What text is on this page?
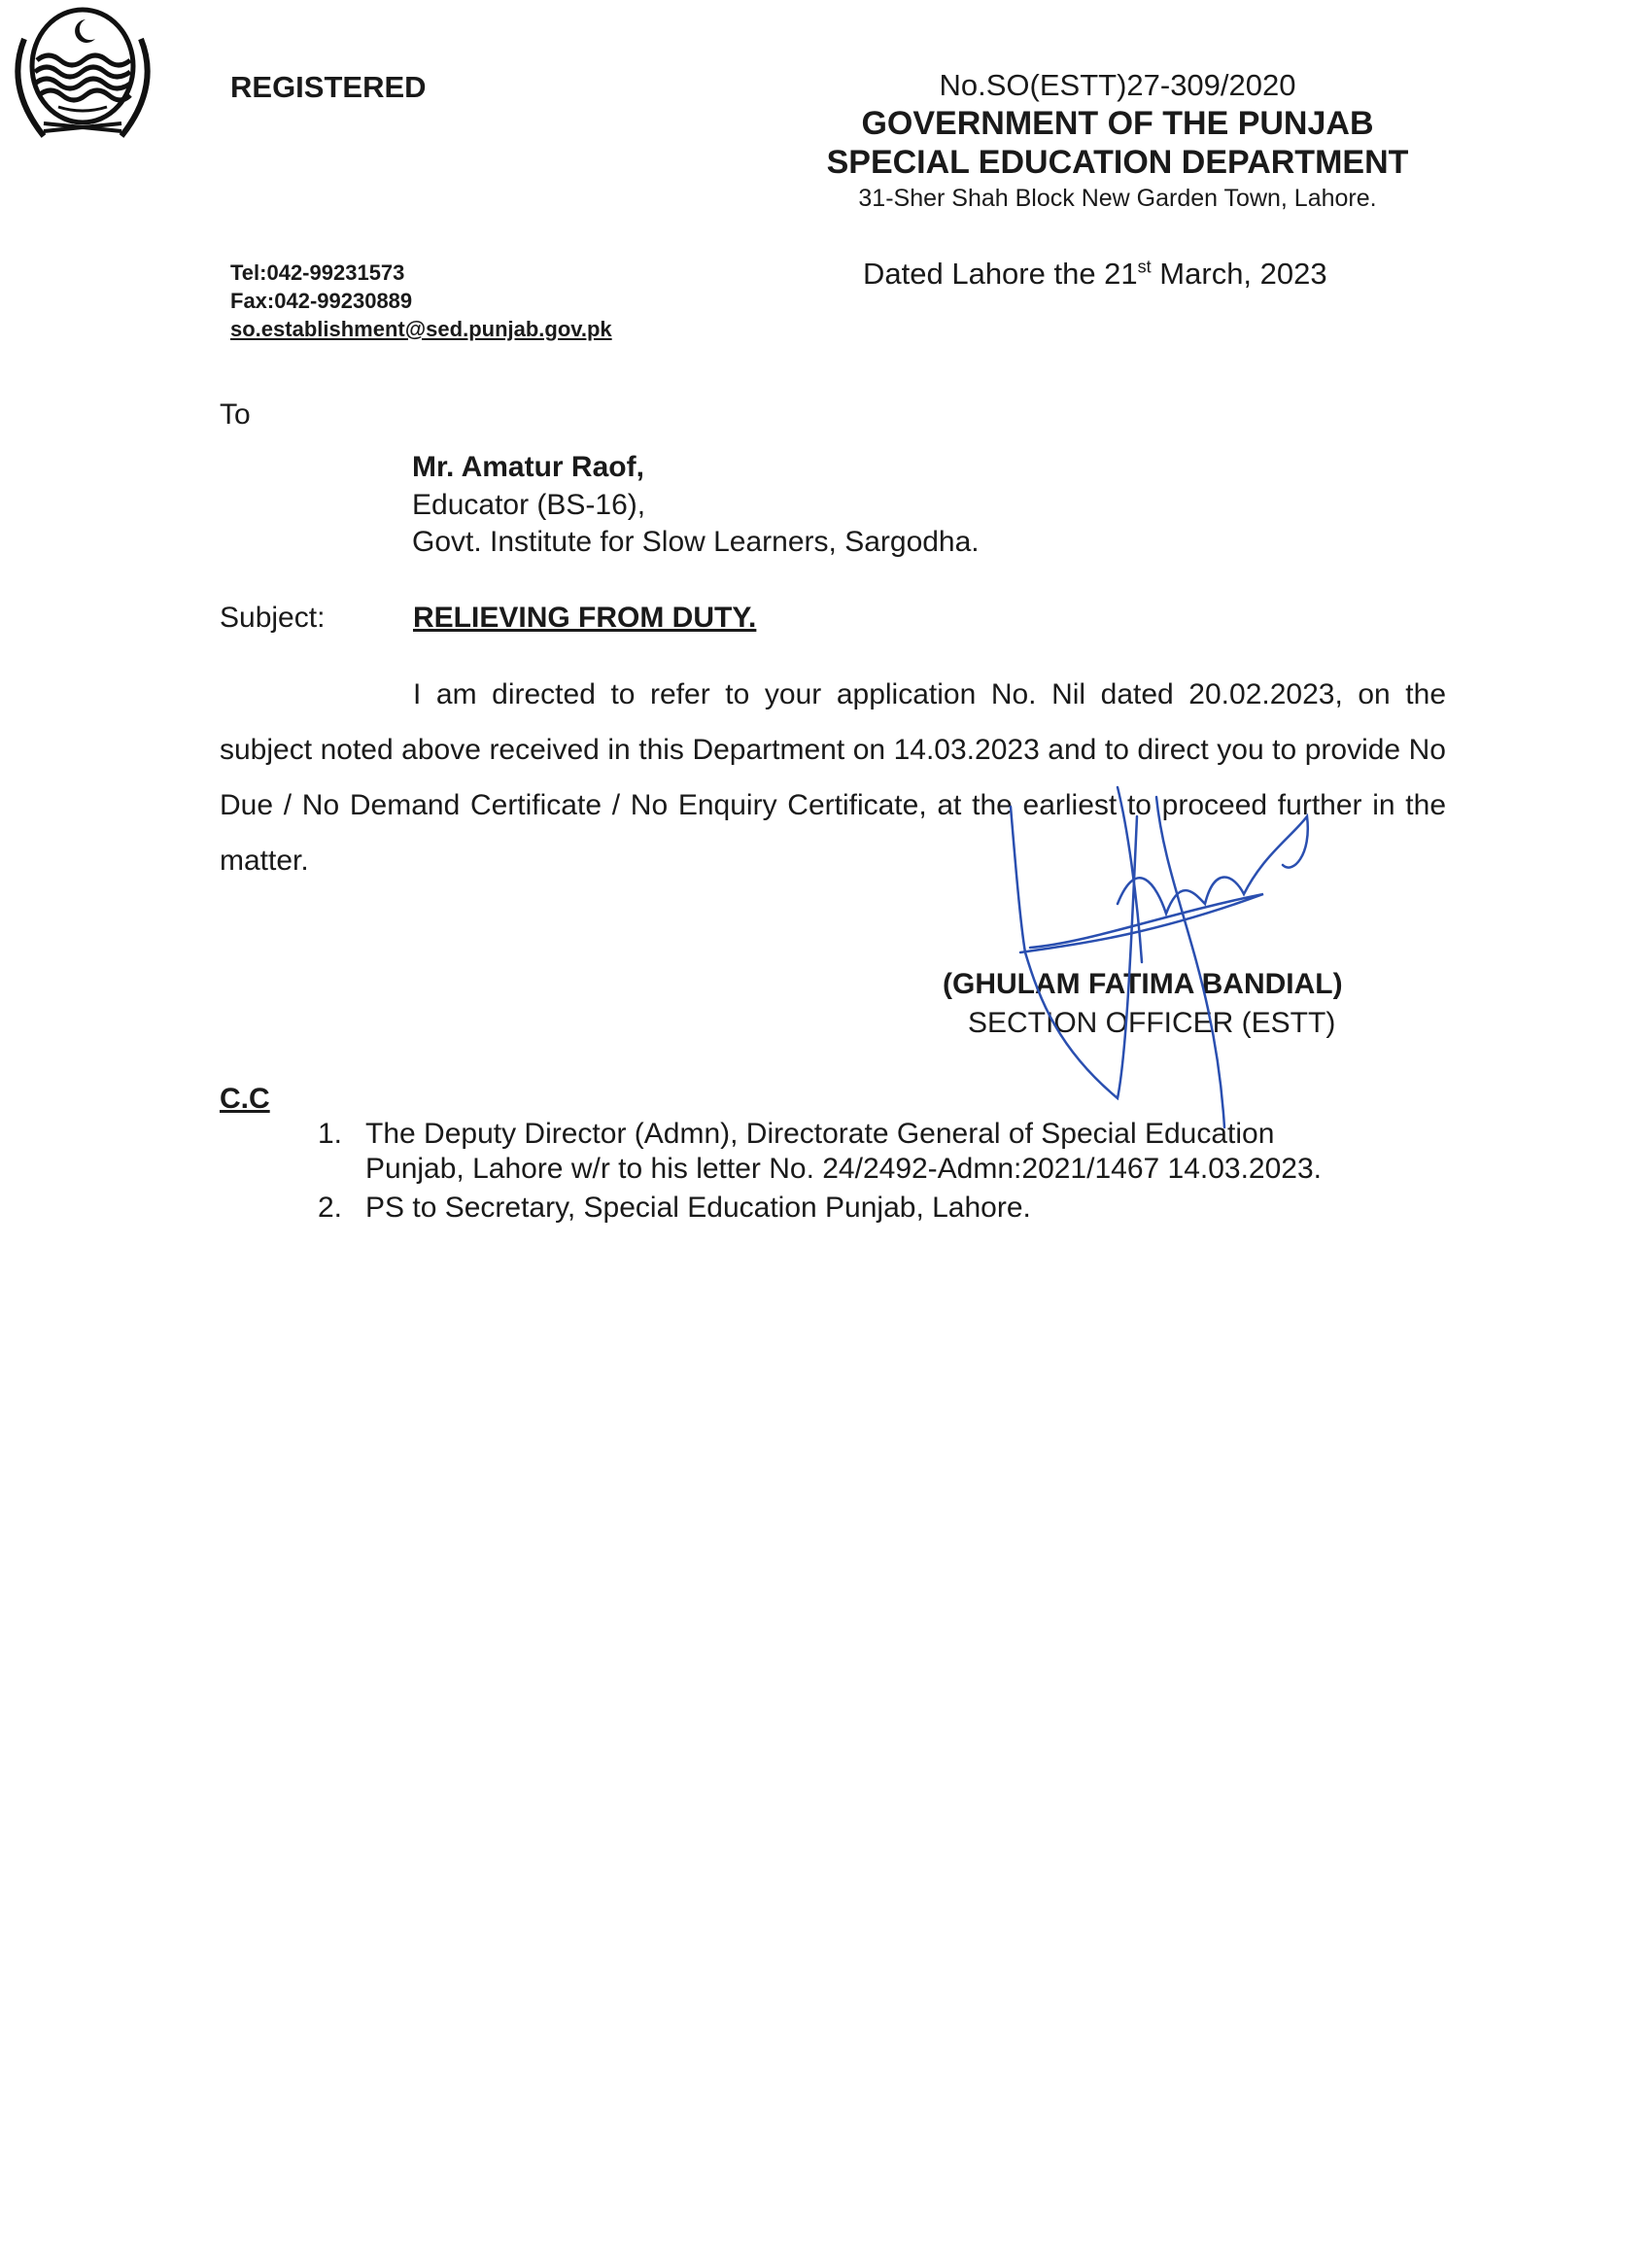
REGISTERED
Tel:042-99231573
Fax:042-99230889
so.establishment@sed.punjab.gov.pk
No.SO(ESTT)27-309/2020
GOVERNMENT OF THE PUNJAB
SPECIAL EDUCATION DEPARTMENT
31-Sher Shah Block New Garden Town, Lahore.
Dated Lahore the 21st March, 2023
To
Mr. Amatur Raof,
Educator (BS-16),
Govt. Institute for Slow Learners, Sargodha.
Subject:	RELIEVING FROM DUTY.
I am directed to refer to your application No. Nil dated 20.02.2023, on the subject noted above received in this Department on 14.03.2023 and to direct you to provide No Due / No Demand Certificate / No Enquiry Certificate, at the earliest to proceed further in the matter.
(GHULAM FATIMA BANDIAL)
SECTION OFFICER (ESTT)
C.C
1. The Deputy Director (Admn), Directorate General of Special Education
Punjab, Lahore w/r to his letter No. 24/2492-Admn:2021/1467 14.03.2023.
2. PS to Secretary, Special Education Punjab, Lahore.
